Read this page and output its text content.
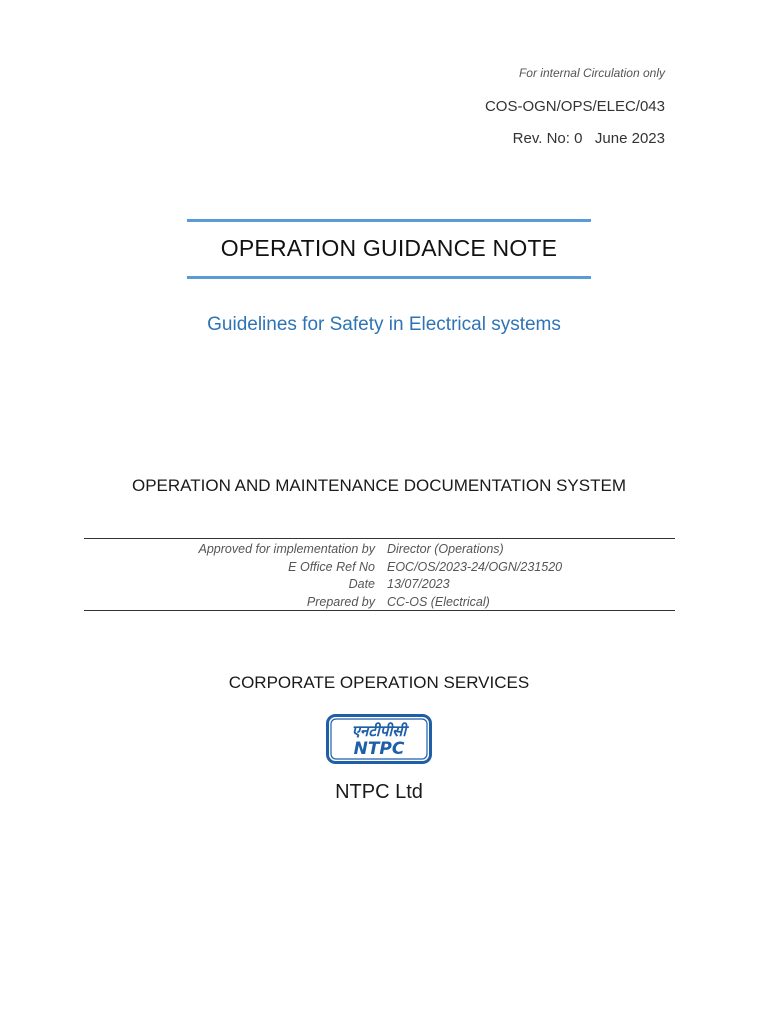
For internal Circulation only
COS-OGN/OPS/ELEC/043
Rev. No: 0   June 2023
OPERATION GUIDANCE NOTE
Guidelines for Safety in Electrical systems
OPERATION AND MAINTENANCE DOCUMENTATION SYSTEM
Approved for implementation by	Director (Operations)
E Office Ref No	EOC/OS/2023-24/OGN/231520
Date	13/07/2023
Prepared by	CC-OS (Electrical)
CORPORATE OPERATION SERVICES
एनटीपीसी
NTPC
NTPC Ltd
